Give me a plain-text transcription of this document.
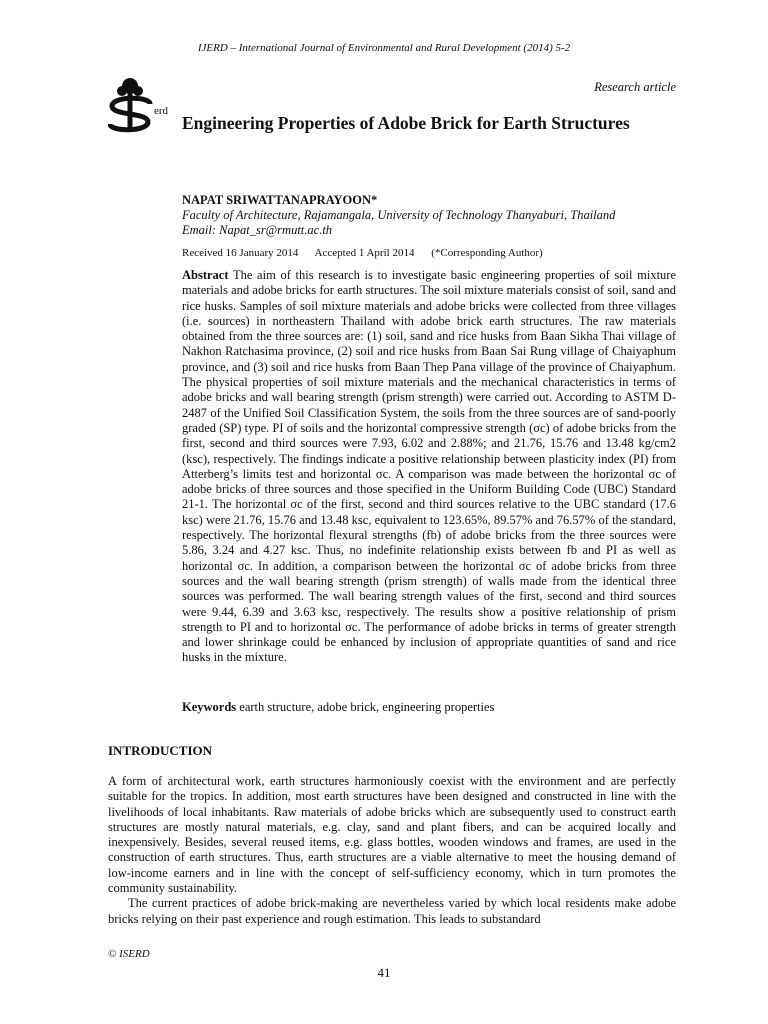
IJERD – International Journal of Environmental and Rural Development (2014) 5-2
Research article
erd
Engineering Properties of Adobe Brick for Earth Structures
NAPAT SRIWATTANAPRAYOON*
Faculty of Architecture, Rajamangala, University of Technology Thanyaburi, Thailand
Email: Napat_sr@rmutt.ac.th
Received 16 January 2014 Accepted 1 April 2014 (*Corresponding Author)

Abstract The aim of this research is to investigate basic engineering properties of soil mixture materials and adobe bricks for earth structures. The soil mixture materials consist of soil, sand and rice husks. Samples of soil mixture materials and adobe bricks were collected from three villages (i.e. sources) in northeastern Thailand with adobe brick earth structures. The raw materials obtained from the three sources are: (1) soil, sand and rice husks from Baan Sikha Thai village of Nakhon Ratchasima province, (2) soil and rice husks from Baan Sai Rung village of Chaiyaphum province, and (3) soil and rice husks from Baan Thep Pana village of the province of Chaiyaphum. The physical properties of soil mixture materials and the mechanical characteristics in terms of adobe bricks and wall bearing strength (prism strength) were carried out. According to ASTM D-2487 of the Unified Soil Classification System, the soils from the three sources are of sand-poorly graded (SP) type. PI of soils and the horizontal compressive strength (σc) of adobe bricks from the first, second and third sources were 7.93, 6.02 and 2.88%; and 21.76, 15.76 and 13.48 kg/cm2 (ksc), respectively. The findings indicate a positive relationship between plasticity index (PI) from Atterberg’s limits test and horizontal σc. A comparison was made between the horizontal σc of adobe bricks of three sources and those specified in the Uniform Building Code (UBC) Standard 21-1. The horizontal σc of the first, second and third sources relative to the UBC standard (17.6 ksc) were 21.76, 15.76 and 13.48 ksc, equivalent to 123.65%, 89.57% and 76.57% of the standard, respectively. The horizontal flexural strengths (fb) of adobe bricks from the three sources were 5.86, 3.24 and 4.27 ksc. Thus, no indefinite relationship exists between fb and PI as well as horizontal σc. In addition, a comparison between the horizontal σc of adobe bricks from three sources and the wall bearing strength (prism strength) of walls made from the identical three sources was performed. The wall bearing strength values of the first, second and third sources were 9.44, 6.39 and 3.63 ksc, respectively. The results show a positive relationship of prism strength to PI and to horizontal σc. The performance of adobe bricks in terms of greater strength and lower shrinkage could be enhanced by inclusion of appropriate quantities of sand and rice husks in the mixture.

Keywords earth structure, adobe brick, engineering properties
INTRODUCTION

A form of architectural work, earth structures harmoniously coexist with the environment and are perfectly suitable for the tropics. In addition, most earth structures have been designed and constructed in line with the livelihoods of local inhabitants. Raw materials of adobe bricks which are subsequently used to construct earth structures are mostly natural materials, e.g. clay, sand and plant fibers, and can be acquired locally and inexpensively. Besides, several reused items, e.g. glass bottles, wooden windows and frames, are used in the construction of earth structures. Thus, earth structures are a viable alternative to meet the housing demand of low-income earners and in line with the concept of self-sufficiency economy, which in turn promotes the community sustainability.

The current practices of adobe brick-making are nevertheless varied by which local residents make adobe bricks relying on their past experience and rough estimation. This leads to substandard

© ISERD
41
